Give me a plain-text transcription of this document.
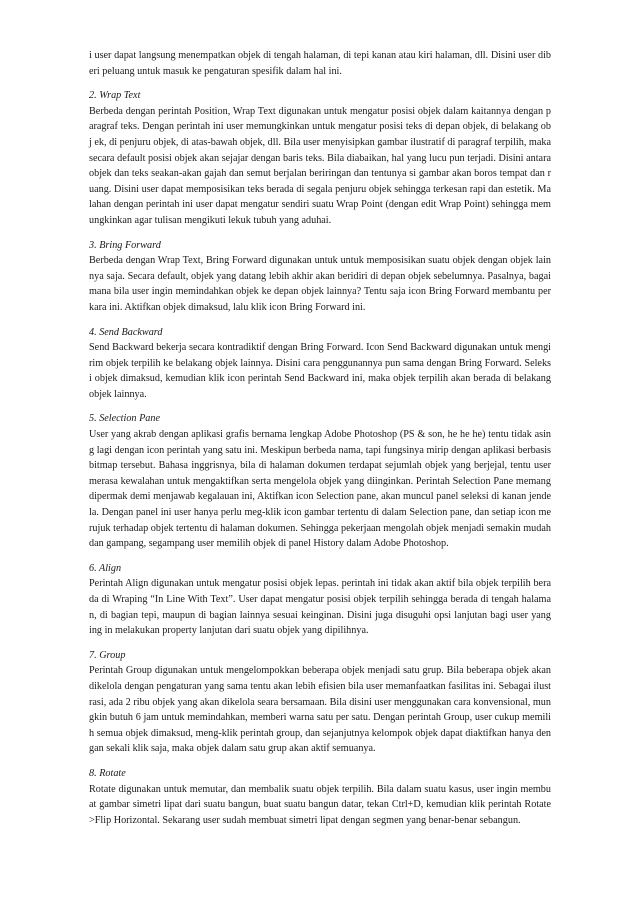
i user dapat langsung menempatkan objek di tengah halaman, di tepi kanan atau kiri halaman, dll. Disini user dib eri peluang untuk masuk ke pengaturan spesifik dalam hal ini.

2. Wrap Text

Berbeda dengan perintah Position, Wrap Text digunakan untuk mengatur posisi objek dalam kaitannya dengan p aragraf teks. Dengan perintah ini user memungkinkan untuk mengatur posisi teks di depan objek, di belakang ob j ek, di penjuru objek, di atas-bawah objek, dll. Bila user menyisipkan gambar ilustratif di paragraf terpilih, maka secara default posisi objek akan sejajar dengan baris teks. Bila diabaikan, hal yang lucu pun terjadi. Disini antara objek dan teks seakan-akan gajah dan semut berjalan beriringan dan tentunya si gambar akan boros tempat dan r uang. Disini user dapat memposisikan teks berada di segala penjuru objek sehingga terkesan rapi dan estetik. Ma lahan dengan perintah ini user dapat mengatur sendiri suatu Wrap Point (dengan edit Wrap Point) sehingga mem ungkinkan agar tulisan mengikuti lekuk tubuh yang aduhai.

3. Bring Forward

Berbeda dengan Wrap Text, Bring Forward digunakan untuk untuk memposisikan suatu objek dengan objek lain nya saja. Secara default, objek yang datang lebih akhir akan beridiri di depan objek sebelumnya. Pasalnya, bagai mana bila user ingin memindahkan objek ke depan objek lainnya? Tentu saja icon Bring Forward membantu per kara ini. Aktifkan objek dimaksud, lalu klik icon Bring Forward ini.

4. Send Backward

Send Backward bekerja secara kontradiktif dengan Bring Forward. Icon Send Backward digunakan untuk mengi rim objek terpilih ke belakang objek lainnya. Disini cara penggunannya pun sama dengan Bring Forward. Seleks i objek dimaksud, kemudian klik icon perintah Send Backward ini, maka objek terpilih akan berada di belakang objek lainnya.

5. Selection Pane

User yang akrab dengan aplikasi grafis bernama lengkap Adobe Photoshop (PS & son, he he he) tentu tidak asin g lagi dengan icon perintah yang satu ini. Meskipun berbeda nama, tapi fungsinya mirip dengan aplikasi berbasis bitmap tersebut. Bahasa inggrisnya, bila di halaman dokumen terdapat sejumlah objek yang berjejal, tentu user merasa kewalahan untuk mengaktifkan serta mengelola objek yang diinginkan. Perintah Selection Pane memang dipermak demi menjawab kegalauan ini, Aktifkan icon Selection pane, akan muncul panel seleksi di kanan jende la. Dengan panel ini user hanya perlu meg-klik icon gambar tertentu di dalam Selection pane, dan setiap icon me rujuk terhadap objek tertentu di halaman dokumen. Sehingga pekerjaan mengolah objek menjadi semakin mudah dan gampang, segampang user memilih objek di panel History dalam Adobe Photoshop.

6. Align

Perintah Align digunakan untuk mengatur posisi objek lepas. perintah ini tidak akan aktif bila objek terpilih bera da di Wraping “In Line With Text”. User dapat mengatur posisi objek terpilih sehingga berada di tengah halama n, di bagian tepi, maupun di bagian lainnya sesuai keinginan. Disini juga disuguhi opsi lanjutan bagi user yang ing in melakukan property lanjutan dari suatu objek yang dipilihnya.

7. Group

Perintah Group digunakan untuk mengelompokkan beberapa objek menjadi satu grup. Bila beberapa objek akan dikelola dengan pengaturan yang sama tentu akan lebih efisien bila user memanfaatkan fasilitas ini. Sebagai ilust rasi, ada 2 ribu objek yang akan dikelola seara bersamaan. Bila disini user menggunakan cara konvensional, mun gkin butuh 6 jam untuk memindahkan, memberi warna satu per satu. Dengan perintah Group, user cukup memili h semua objek dimaksud, meng-klik perintah group, dan sejanjutnya kelompok objek dapat diaktifkan hanya den gan sekali klik saja, maka objek dalam satu grup akan aktif semuanya.

8. Rotate

Rotate digunakan untuk memutar, dan membalik suatu objek terpilih. Bila dalam suatu kasus, user ingin membu at gambar simetri lipat dari suatu bangun, buat suatu bangun datar, tekan Ctrl+D, kemudian klik perintah Rotate >Flip Horizontal. Sekarang user sudah membuat simetri lipat dengan segmen yang benar-benar sebangun.
